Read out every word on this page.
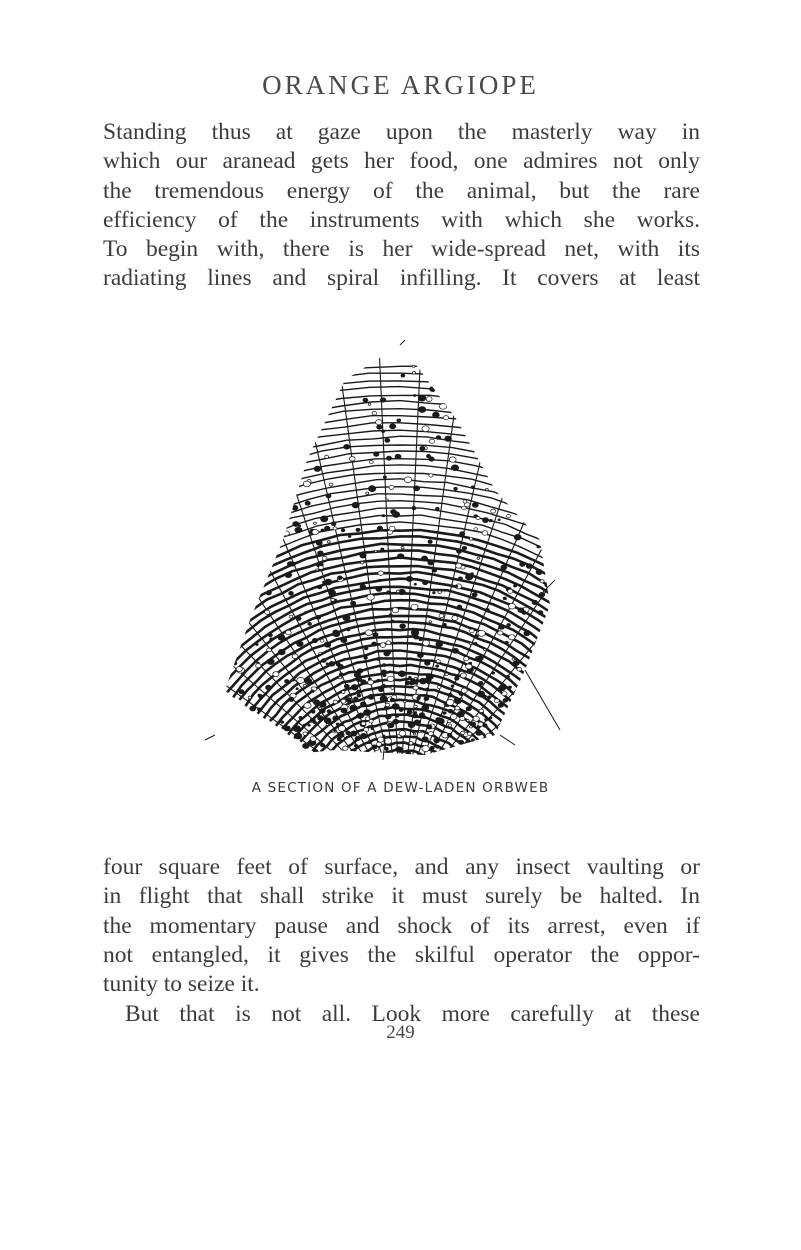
ORANGE ARGIOPE
Standing thus at gaze upon the masterly way in
which our aranead gets her food, one admires not only
the tremendous energy of the animal, but the rare
efficiency of the instruments with which she works.
To begin with, there is her wide-spread net, with its
radiating lines and spiral infilling. It covers at least
A SECTION OF A DEW-LADEN ORBWEB
four square feet of surface, and any insect vaulting or
in flight that shall strike it must surely be halted. In
the momentary pause and shock of its arrest, even if
not entangled, it gives the skilful operator the oppor-
tunity to seize it.
But that is not all. Look more carefully at these
249
